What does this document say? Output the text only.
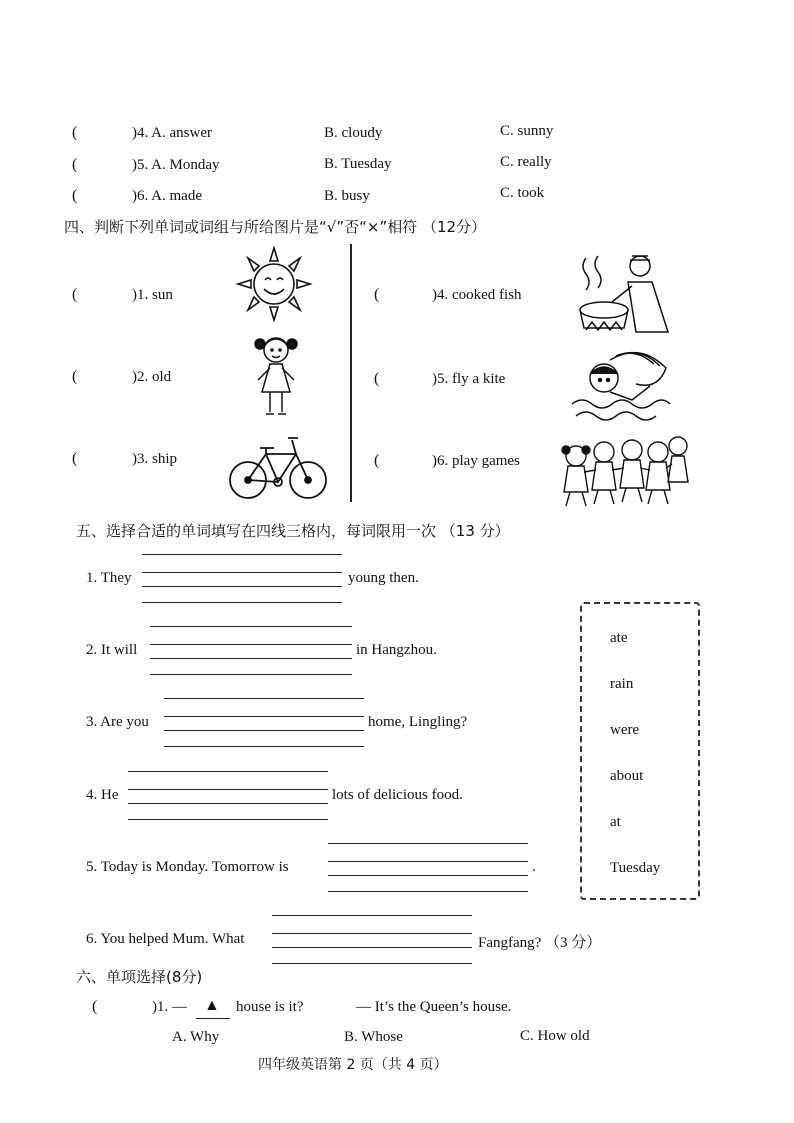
(	)4. A. answer	B. cloudy	C. sunny
(	)5. A. Monday	B. Tuesday	C. really
(	)6. A. made	B. busy	C. took
四、判断下列单词或词组与所给图片是“√”否“×”相符 （12分）
(	)1. sun
(	)2. old
(	)3. ship
(	)4. cooked fish
(	)5. fly a kite
(	)6. play games
五、选择合适的单词填写在四线三格内，每词限用一次 （13 分）
1. They	young then.
2. It will	in Hangzhou.
3. Are you	home, Lingling?
4. He	lots of delicious food.
5. Today is Monday. Tomorrow is	.
6. You helped Mum. What	Fangfang? （3 分）
ate
rain
were
about
at
Tuesday
六、单项选择(8分)
(	)1. — ▲ house is it?	— It’s the Queen’s house.
A. Why	B. Whose	C. How old
四年级英语第 2 页（共 4 页）
